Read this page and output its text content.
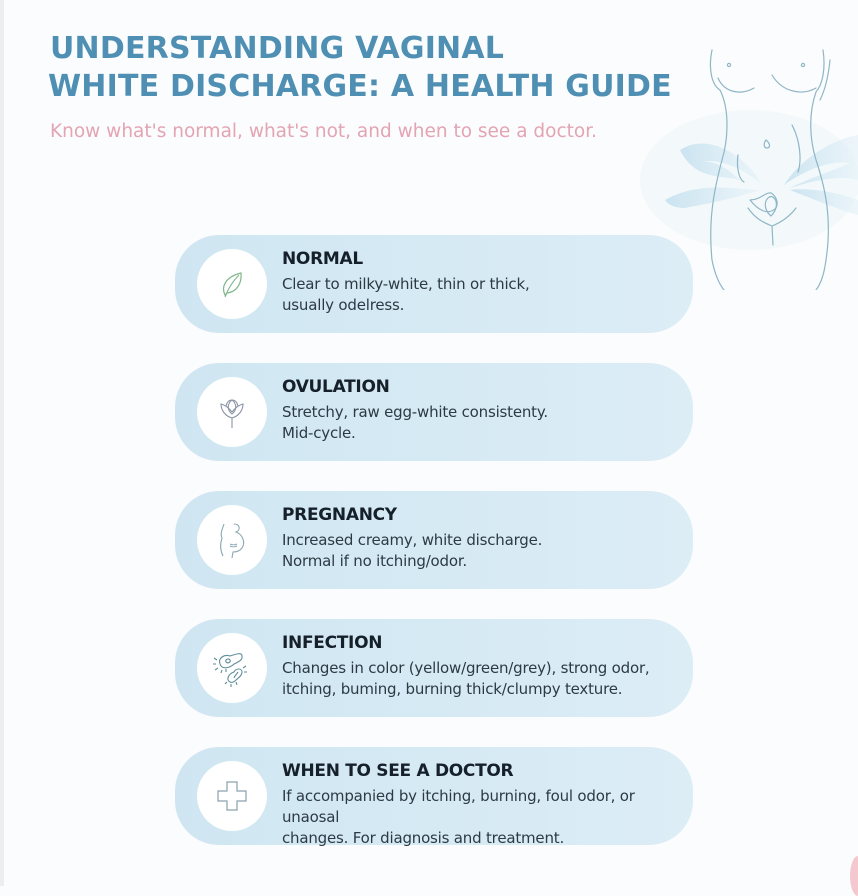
UNDERSTANDING VAGINAL
WHITE DISCHARGE: A HEALTH GUIDE
Know what's normal, what's not, and when to see a doctor.
NORMAL
Clear to milky-white, thin or thick,
usually odelress.
OVULATION
Stretchy, raw egg-white consistenty.
Mid-cycle.
PREGNANCY
Increased creamy, white discharge.
Normal if no itching/odor.
INFECTION
Changes in color (yellow/green/grey), strong odor,
itching, buming, burning thick/clumpy texture.
WHEN TO SEE A DOCTOR
If accompanied by itching, burning, foul odor, or unaosal
changes. For diagnosis and treatment.
